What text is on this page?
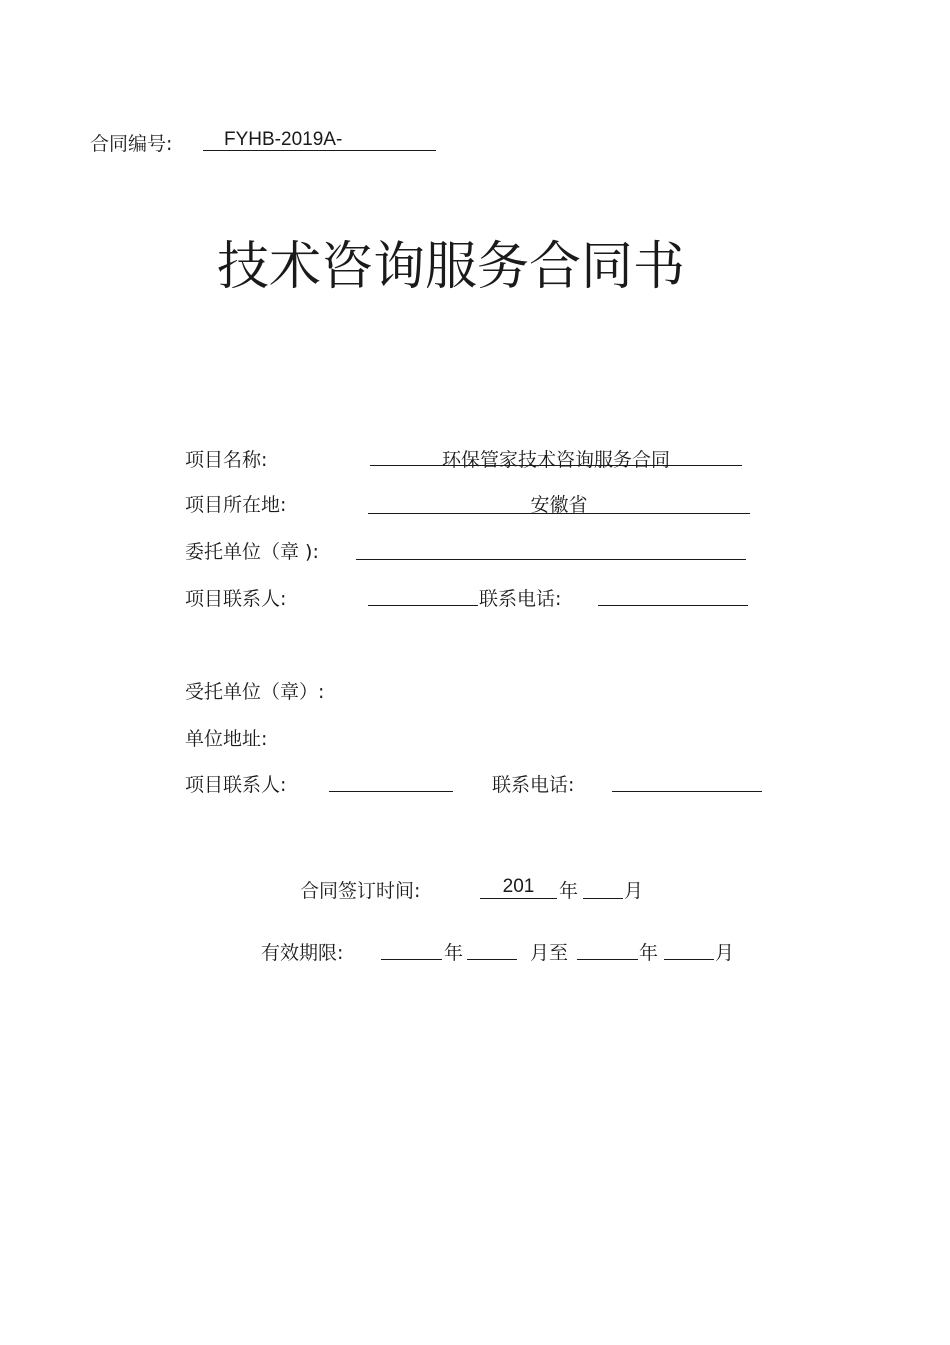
合同编号:	FYHB-2019A-
技术咨询服务合同书
项目名称:	环保管家技术咨询服务合同
项目所在地:	安徽省
委托单位（章 ):
项目联系人:	联系电话:
受托单位（章）:
单位地址:
项目联系人:	联系电话:
合同签订时间:	201	年 月
有效期限:	年	月至	年	月
